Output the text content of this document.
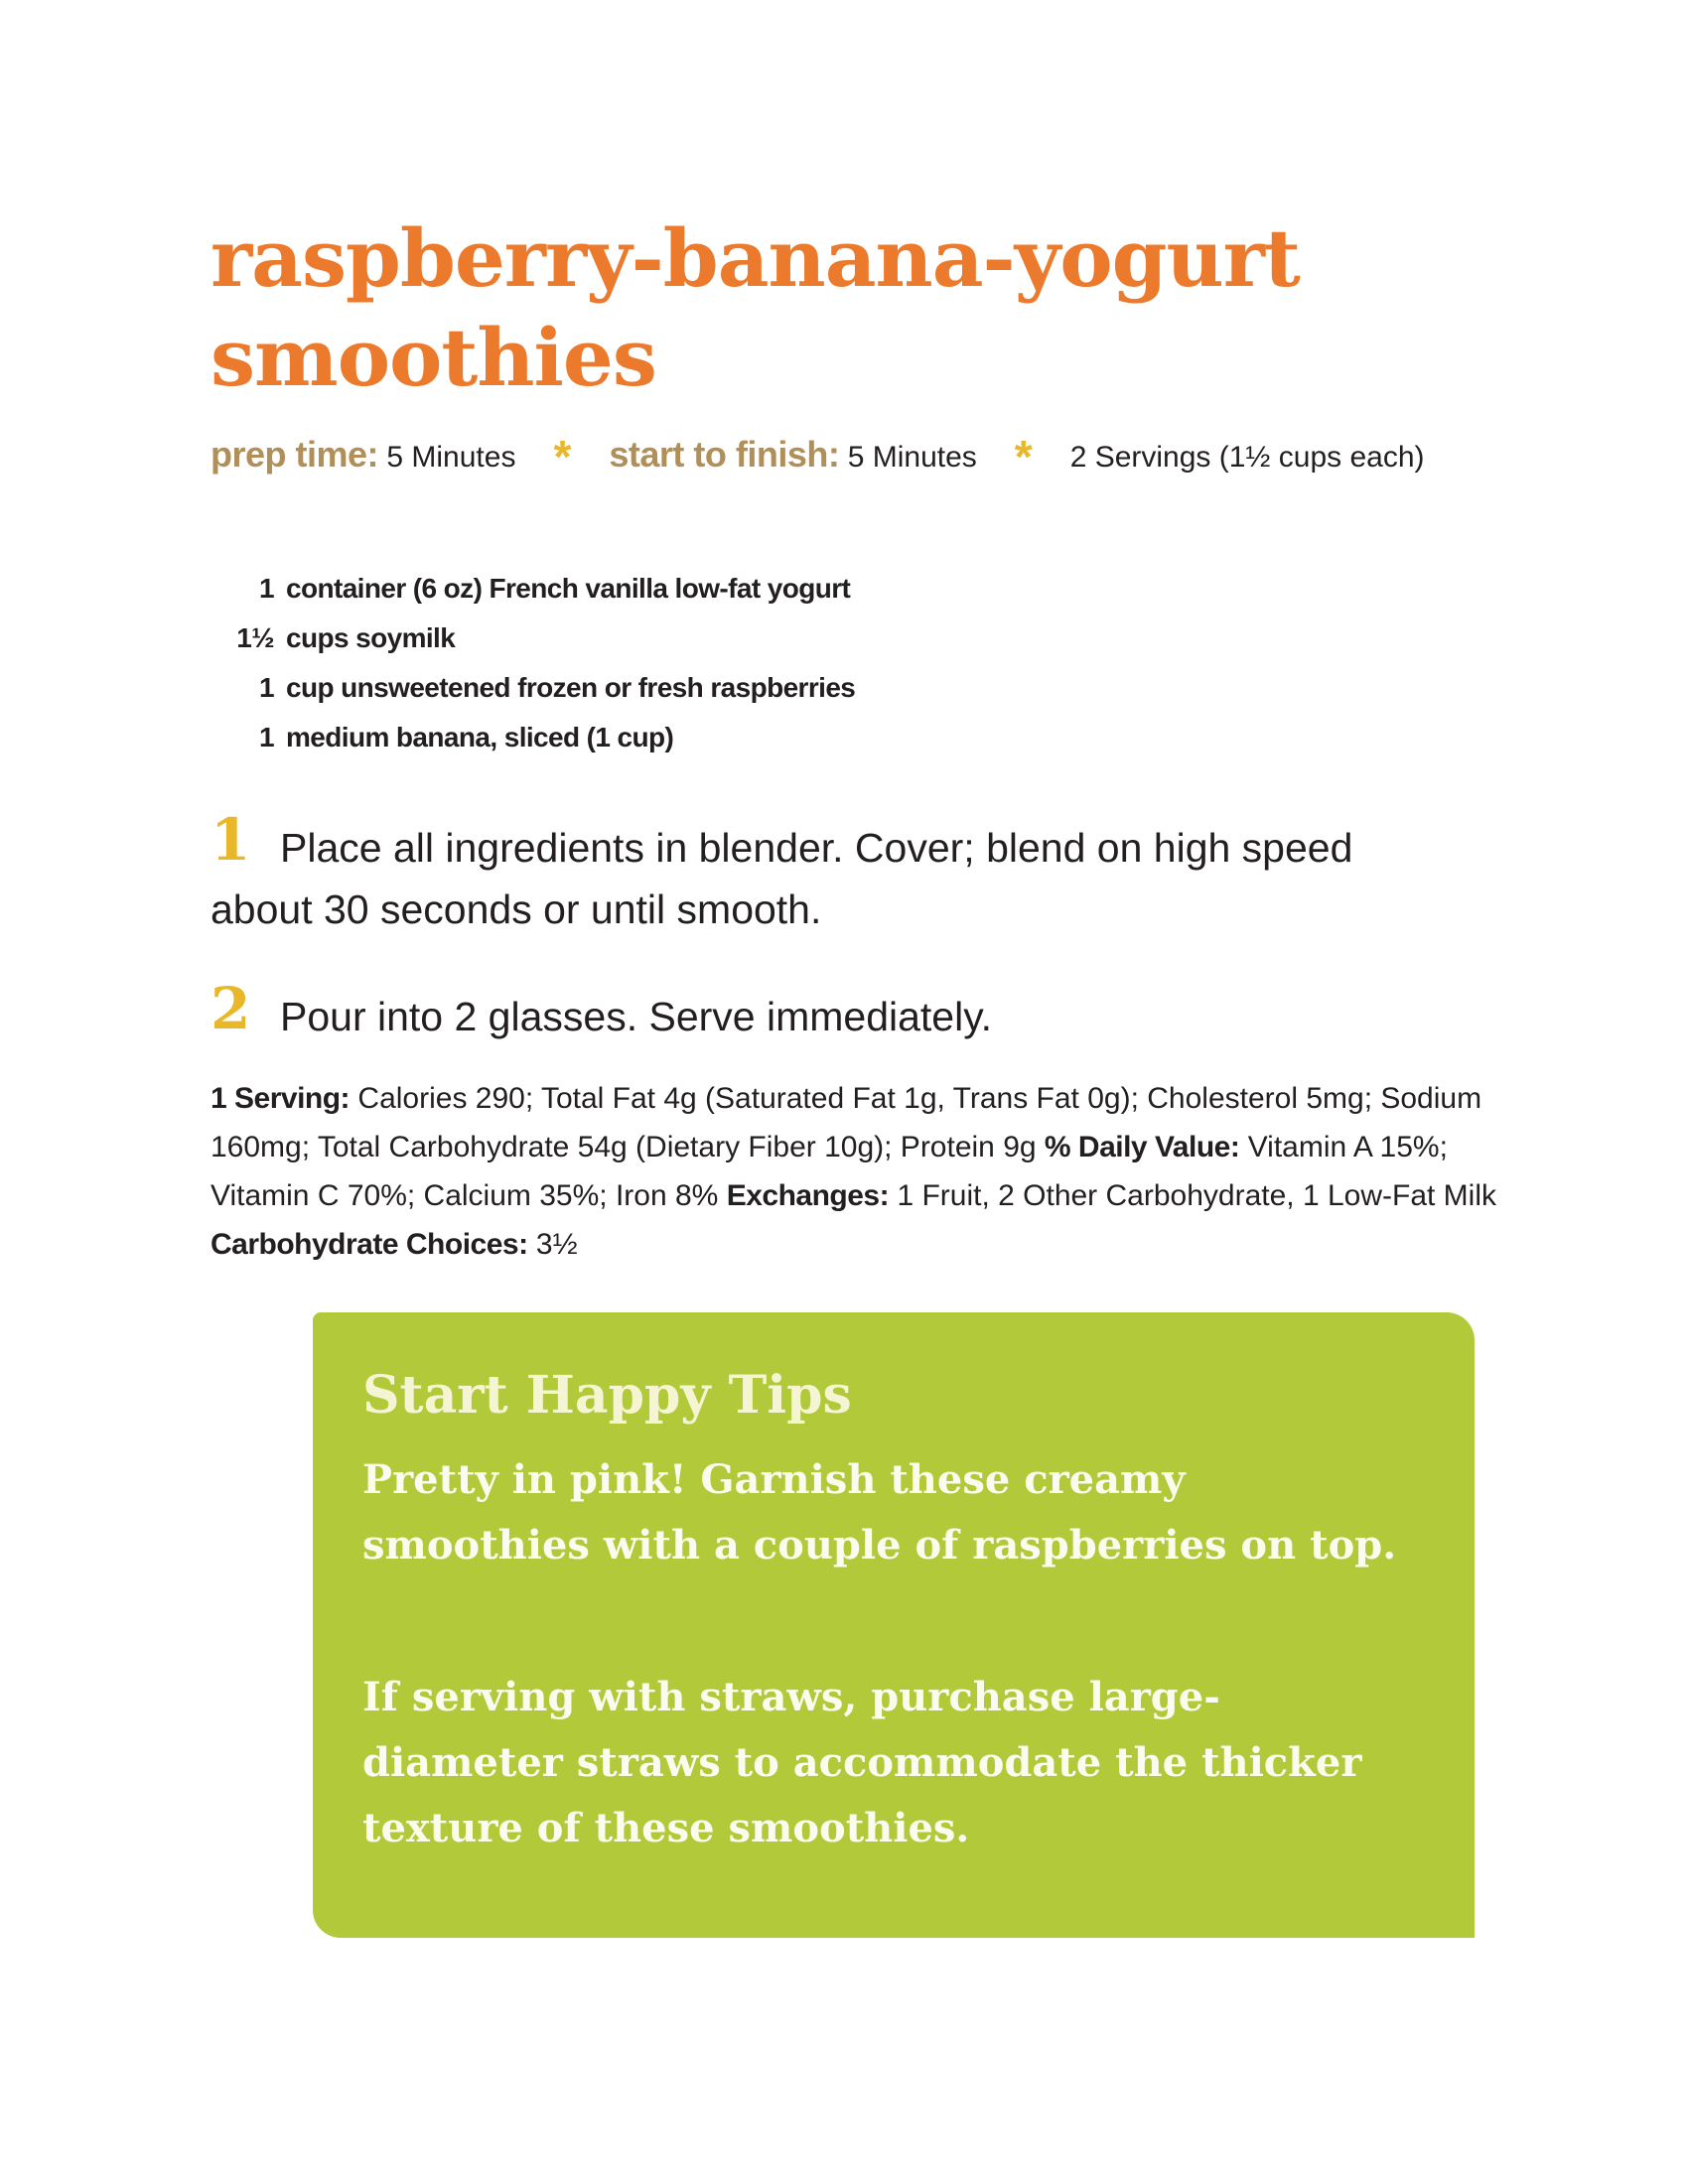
raspberry-banana-yogurt
smoothies
prep time: 5 Minutes * start to finish: 5 Minutes * 2 Servings (1½ cups each)
1 container (6 oz) French vanilla low-fat yogurt
1½ cups soymilk
1 cup unsweetened frozen or fresh raspberries
1 medium banana, sliced (1 cup)
1 Place all ingredients in blender. Cover; blend on high speed about 30 seconds or until smooth.
2 Pour into 2 glasses. Serve immediately.
1 Serving: Calories 290; Total Fat 4g (Saturated Fat 1g, Trans Fat 0g); Cholesterol 5mg; Sodium 160mg; Total Carbohydrate 54g (Dietary Fiber 10g); Protein 9g % Daily Value: Vitamin A 15%; Vitamin C 70%; Calcium 35%; Iron 8% Exchanges: 1 Fruit, 2 Other Carbohydrate, 1 Low-Fat Milk Carbohydrate Choices: 3½
Start Happy Tips

Pretty in pink! Garnish these creamy smoothies with a couple of raspberries on top.

If serving with straws, purchase large-diameter straws to accommodate the thicker texture of these smoothies.
